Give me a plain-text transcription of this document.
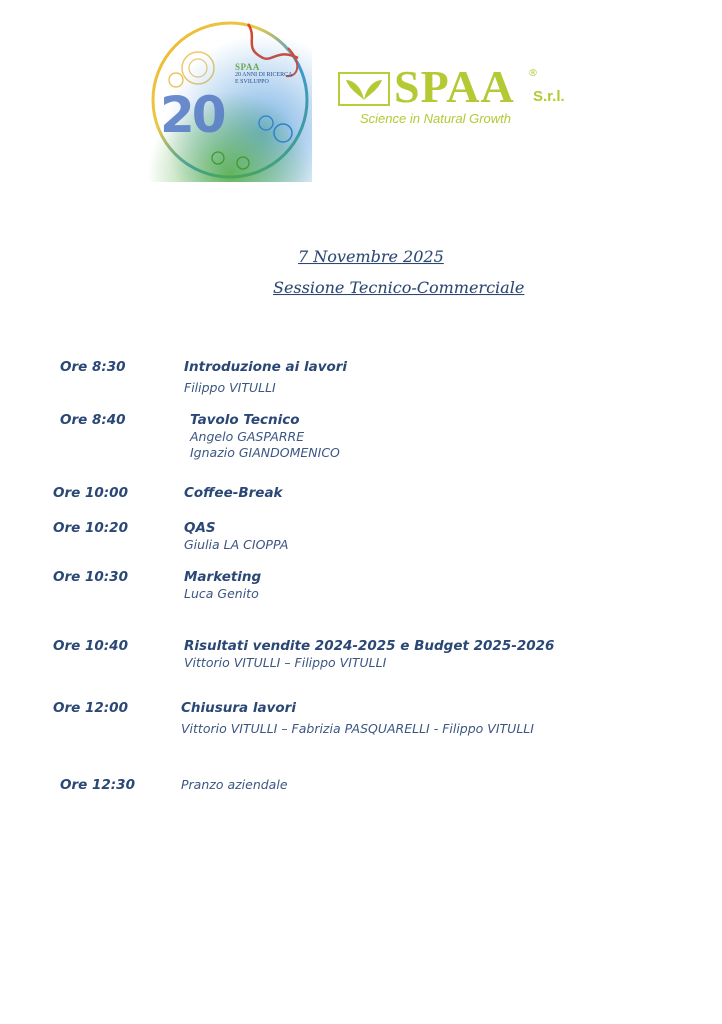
20
SPAA
20 ANNI DI RICERCA
E SVILUPPO	SPAA ®
S.r.l.
Science in Natural Growth
7 Novembre 2025
Sessione Tecnico-Commerciale
Ore 8:30	Introduzione ai lavori
Filippo VITULLI
Ore 8:40	Tavolo Tecnico
Angelo GASPARRE
Ignazio GIANDOMENICO
Ore 10:00	Coffee-Break
Ore 10:20	QAS
Giulia LA CIOPPA
Ore 10:30	Marketing
Luca Genito
Ore 10:40	Risultati vendite 2024-2025 e Budget 2025-2026
Vittorio VITULLI – Filippo VITULLI
Ore 12:00	Chiusura lavori
Vittorio VITULLI – Fabrizia PASQUARELLI - Filippo VITULLI
Ore 12:30	Pranzo aziendale
